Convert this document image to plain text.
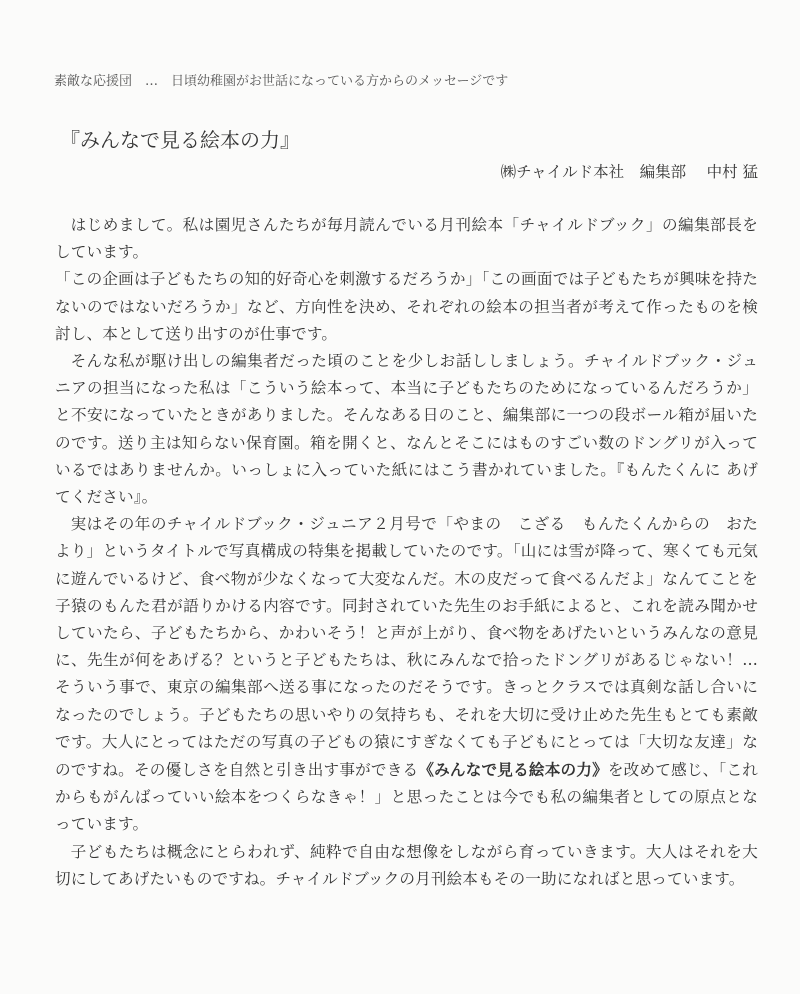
素敵な応援団　…　日頃幼稚園がお世話になっている方からのメッセージです
『みんなで見る絵本の力』
㈱チャイルド本社　編集部　 中村 猛

はじめまして。私は園児さんたちが毎月読んでいる月刊絵本「チャイルドブック」の編集部長をしています。

「この企画は子どもたちの知的好奇心を刺激するだろうか」「この画面では子どもたちが興味を持たないのではないだろうか」など、方向性を決め、それぞれの絵本の担当者が考えて作ったものを検討し、本として送り出すのが仕事です。

そんな私が駆け出しの編集者だった頃のことを少しお話ししましょう。チャイルドブック・ジュニアの担当になった私は「こういう絵本って、本当に子どもたちのためになっているんだろうか」と不安になっていたときがありました。そんなある日のこと、編集部に一つの段ボール箱が届いたのです。送り主は知らない保育園。箱を開くと、なんとそこにはものすごい数のドングリが入っているではありませんか。いっしょに入っていた紙にはこう書かれていました。『もんたくんに あげてください』。

実はその年のチャイルドブック・ジュニア２月号で「やまの　こざる　もんたくんからの　おたより」というタイトルで写真構成の特集を掲載していたのです。「山には雪が降って、寒くても元気に遊んでいるけど、食べ物が少なくなって大変なんだ。木の皮だって食べるんだよ」なんてことを子猿のもんた君が語りかける内容です。同封されていた先生のお手紙によると、これを読み聞かせしていたら、子どもたちから、かわいそう！と声が上がり、食べ物をあげたいというみんなの意見に、先生が何をあげる？というと子どもたちは、秋にみんなで拾ったドングリがあるじゃない！…そういう事で、東京の編集部へ送る事になったのだそうです。きっとクラスでは真剣な話し合いになったのでしょう。子どもたちの思いやりの気持ちも、それを大切に受け止めた先生もとても素敵です。大人にとってはただの写真の子どもの猿にすぎなくても子どもにとっては「大切な友達」なのですね。その優しさを自然と引き出す事ができる《みんなで見る絵本の力》を改めて感じ、「これからもがんばっていい絵本をつくらなきゃ！」と思ったことは今でも私の編集者としての原点となっています。

子どもたちは概念にとらわれず、純粋で自由な想像をしながら育っていきます。大人はそれを大切にしてあげたいものですね。チャイルドブックの月刊絵本もその一助になればと思っています。
